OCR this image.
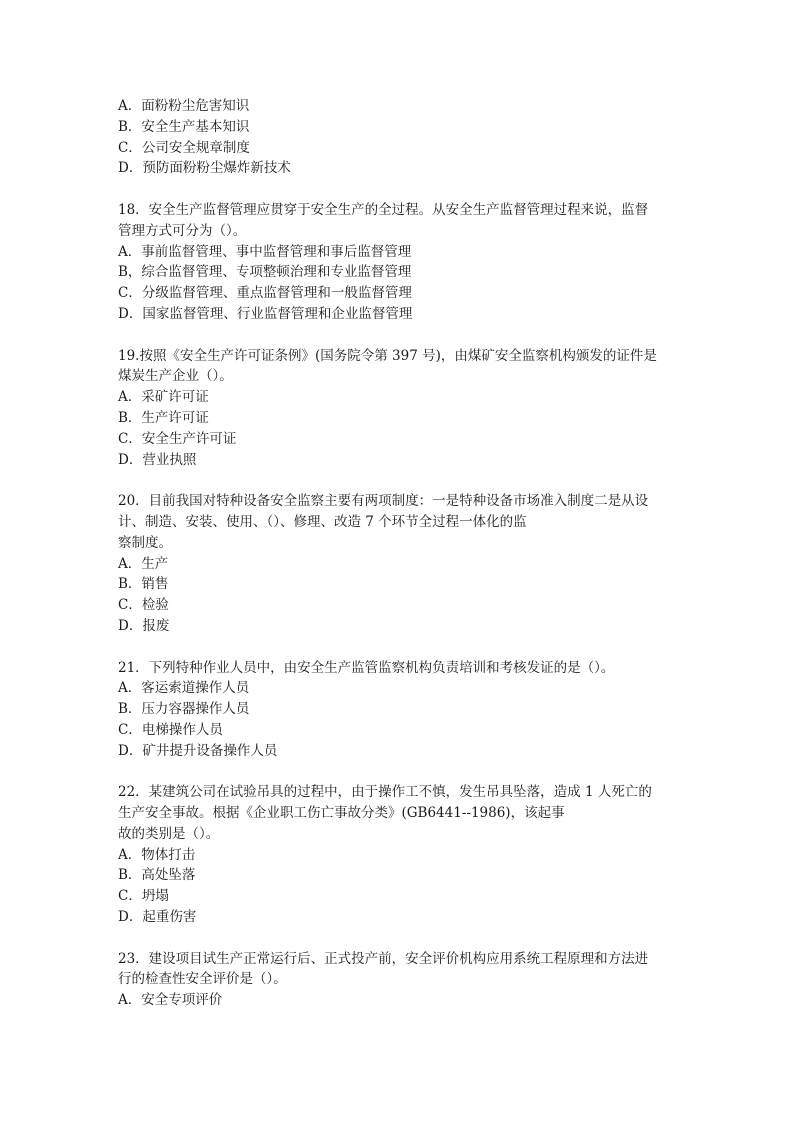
A．面粉粉尘危害知识

B．安全生产基本知识

C．公司安全规章制度

D．预防面粉粉尘爆炸新技术

18．安全生产监督管理应贯穿于安全生产的全过程。从安全生产监督管理过程来说，监督

管理方式可分为（）。

A．事前监督管理、事中监督管理和事后监督管理

B，综合监督管理、专项整顿治理和专业监督管理

C．分级监督管理、重点监督管理和一般监督管理

D．国家监督管理、行业监督管理和企业监督管理

19.按照《安全生产许可证条例》(国务院令第 397 号)，由煤矿安全监察机构颁发的证件是

煤炭生产企业（）。

A．采矿许可证

B．生产许可证

C．安全生产许可证

D．营业执照

20．目前我国对特种设备安全监察主要有两项制度：一是特种设备市场准入制度二是从设

计、制造、安装、使用、（）、修理、改造 7 个环节全过程一体化的监

察制度。

A．生产

B．销售

C．检验

D．报废

21．下列特种作业人员中，由安全生产监管监察机构负责培训和考核发证的是（）。

A．客运索道操作人员

B．压力容器操作人员

C．电梯操作人员

D．矿井提升设备操作人员

22．某建筑公司在试验吊具的过程中，由于操作工不慎，发生吊具坠落，造成 1 人死亡的

生产安全事故。根据《企业职工伤亡事故分类》(GB6441--1986)，该起事

故的类别是（）。

A．物体打击

B．高处坠落

C．坍塌

D．起重伤害

23．建设项目试生产正常运行后、正式投产前，安全评价机构应用系统工程原理和方法进

行的检查性安全评价是（）。

A．安全专项评价
